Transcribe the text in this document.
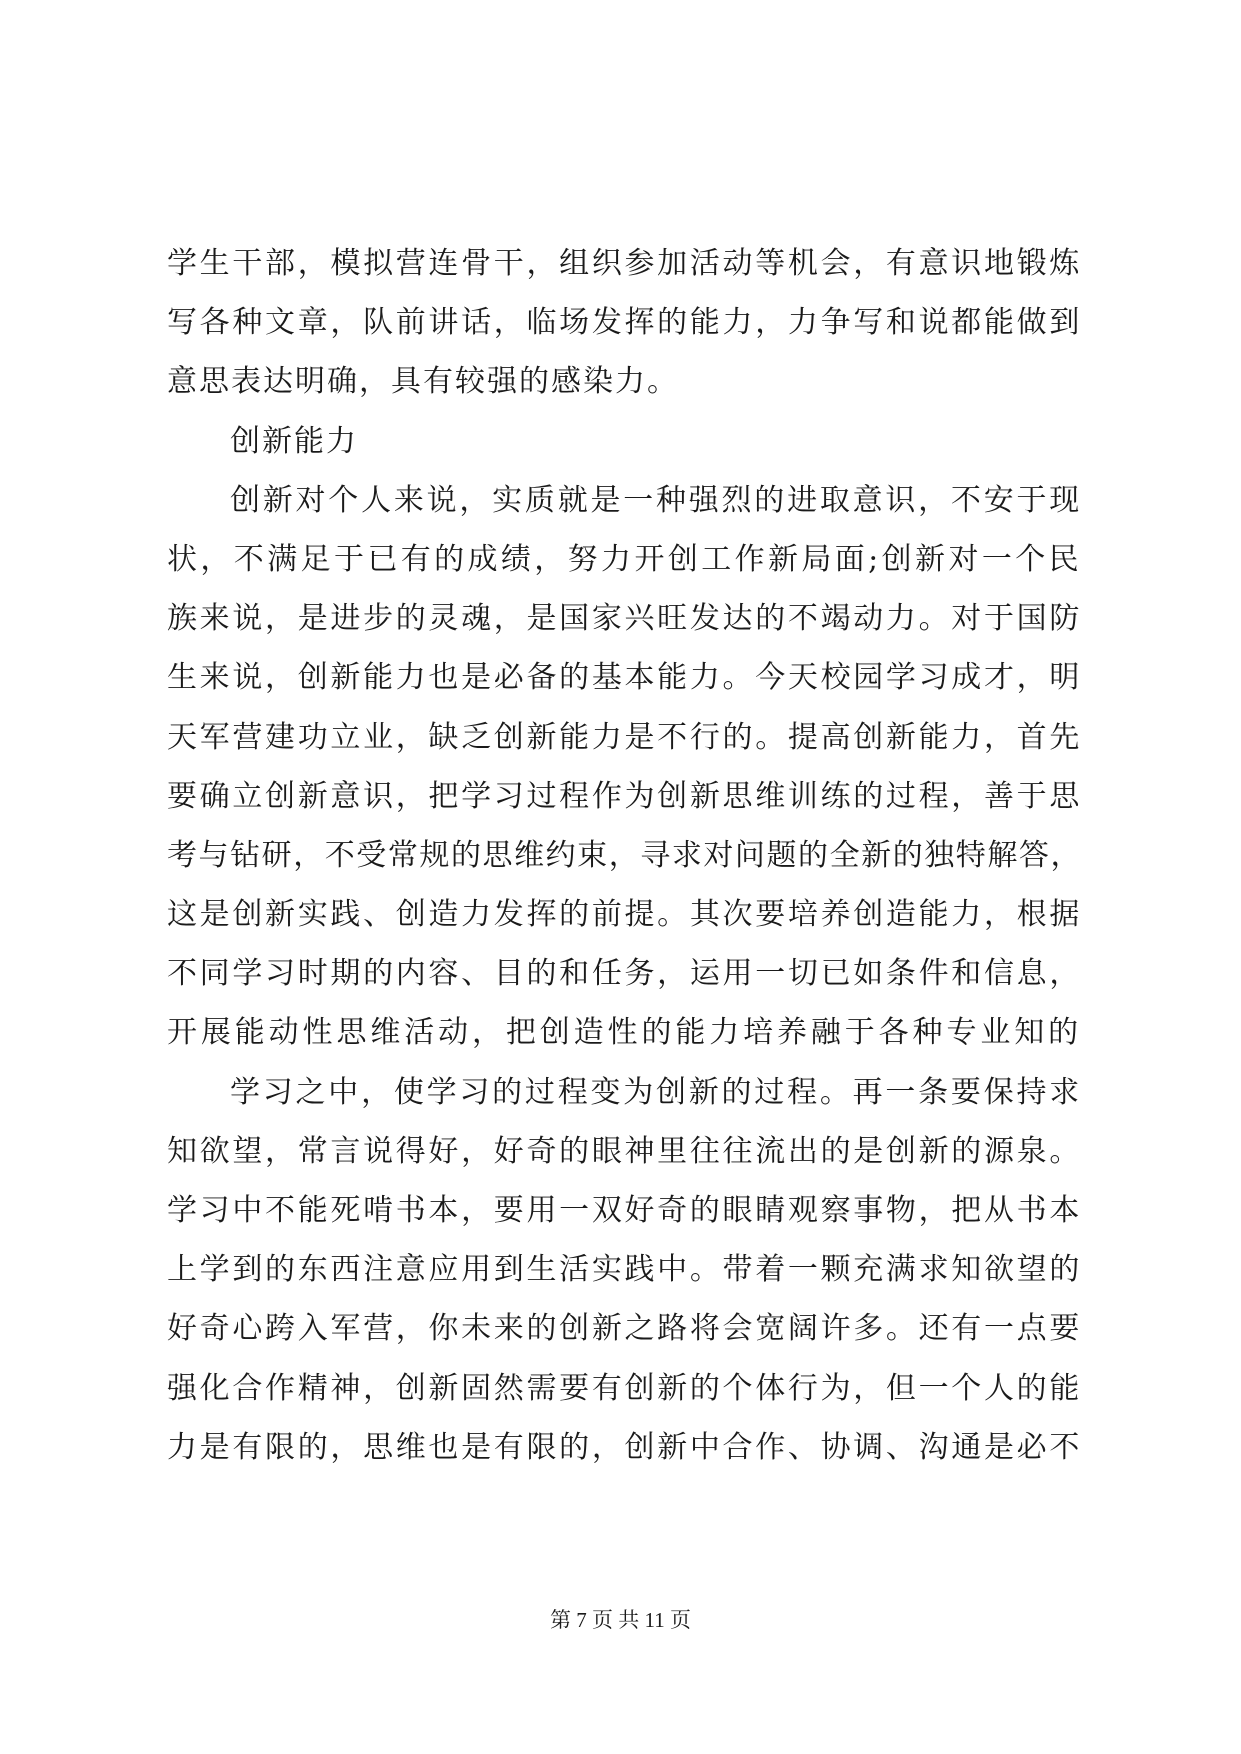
学生干部，模拟营连骨干，组织参加活动等机会，有意识地锻炼
写各种文章，队前讲话，临场发挥的能力，力争写和说都能做到
意思表达明确，具有较强的感染力。
创新能力
创新对个人来说，实质就是一种强烈的进取意识，不安于现
状，不满足于已有的成绩，努力开创工作新局面;创新对一个民
族来说，是进步的灵魂，是国家兴旺发达的不竭动力。对于国防
生来说，创新能力也是必备的基本能力。今天校园学习成才，明
天军营建功立业，缺乏创新能力是不行的。提高创新能力，首先
要确立创新意识，把学习过程作为创新思维训练的过程，善于思
考与钻研，不受常规的思维约束，寻求对问题的全新的独特解答，
这是创新实践、创造力发挥的前提。其次要培养创造能力，根据
不同学习时期的内容、目的和任务，运用一切已如条件和信息，
开展能动性思维活动，把创造性的能力培养融于各种专业知的
学习之中，使学习的过程变为创新的过程。再一条要保持求
知欲望，常言说得好，好奇的眼神里往往流出的是创新的源泉。
学习中不能死啃书本，要用一双好奇的眼睛观察事物，把从书本
上学到的东西注意应用到生活实践中。带着一颗充满求知欲望的
好奇心跨入军营，你未来的创新之路将会宽阔许多。还有一点要
强化合作精神，创新固然需要有创新的个体行为，但一个人的能
力是有限的，思维也是有限的，创新中合作、协调、沟通是必不
第 7 页 共 11 页
